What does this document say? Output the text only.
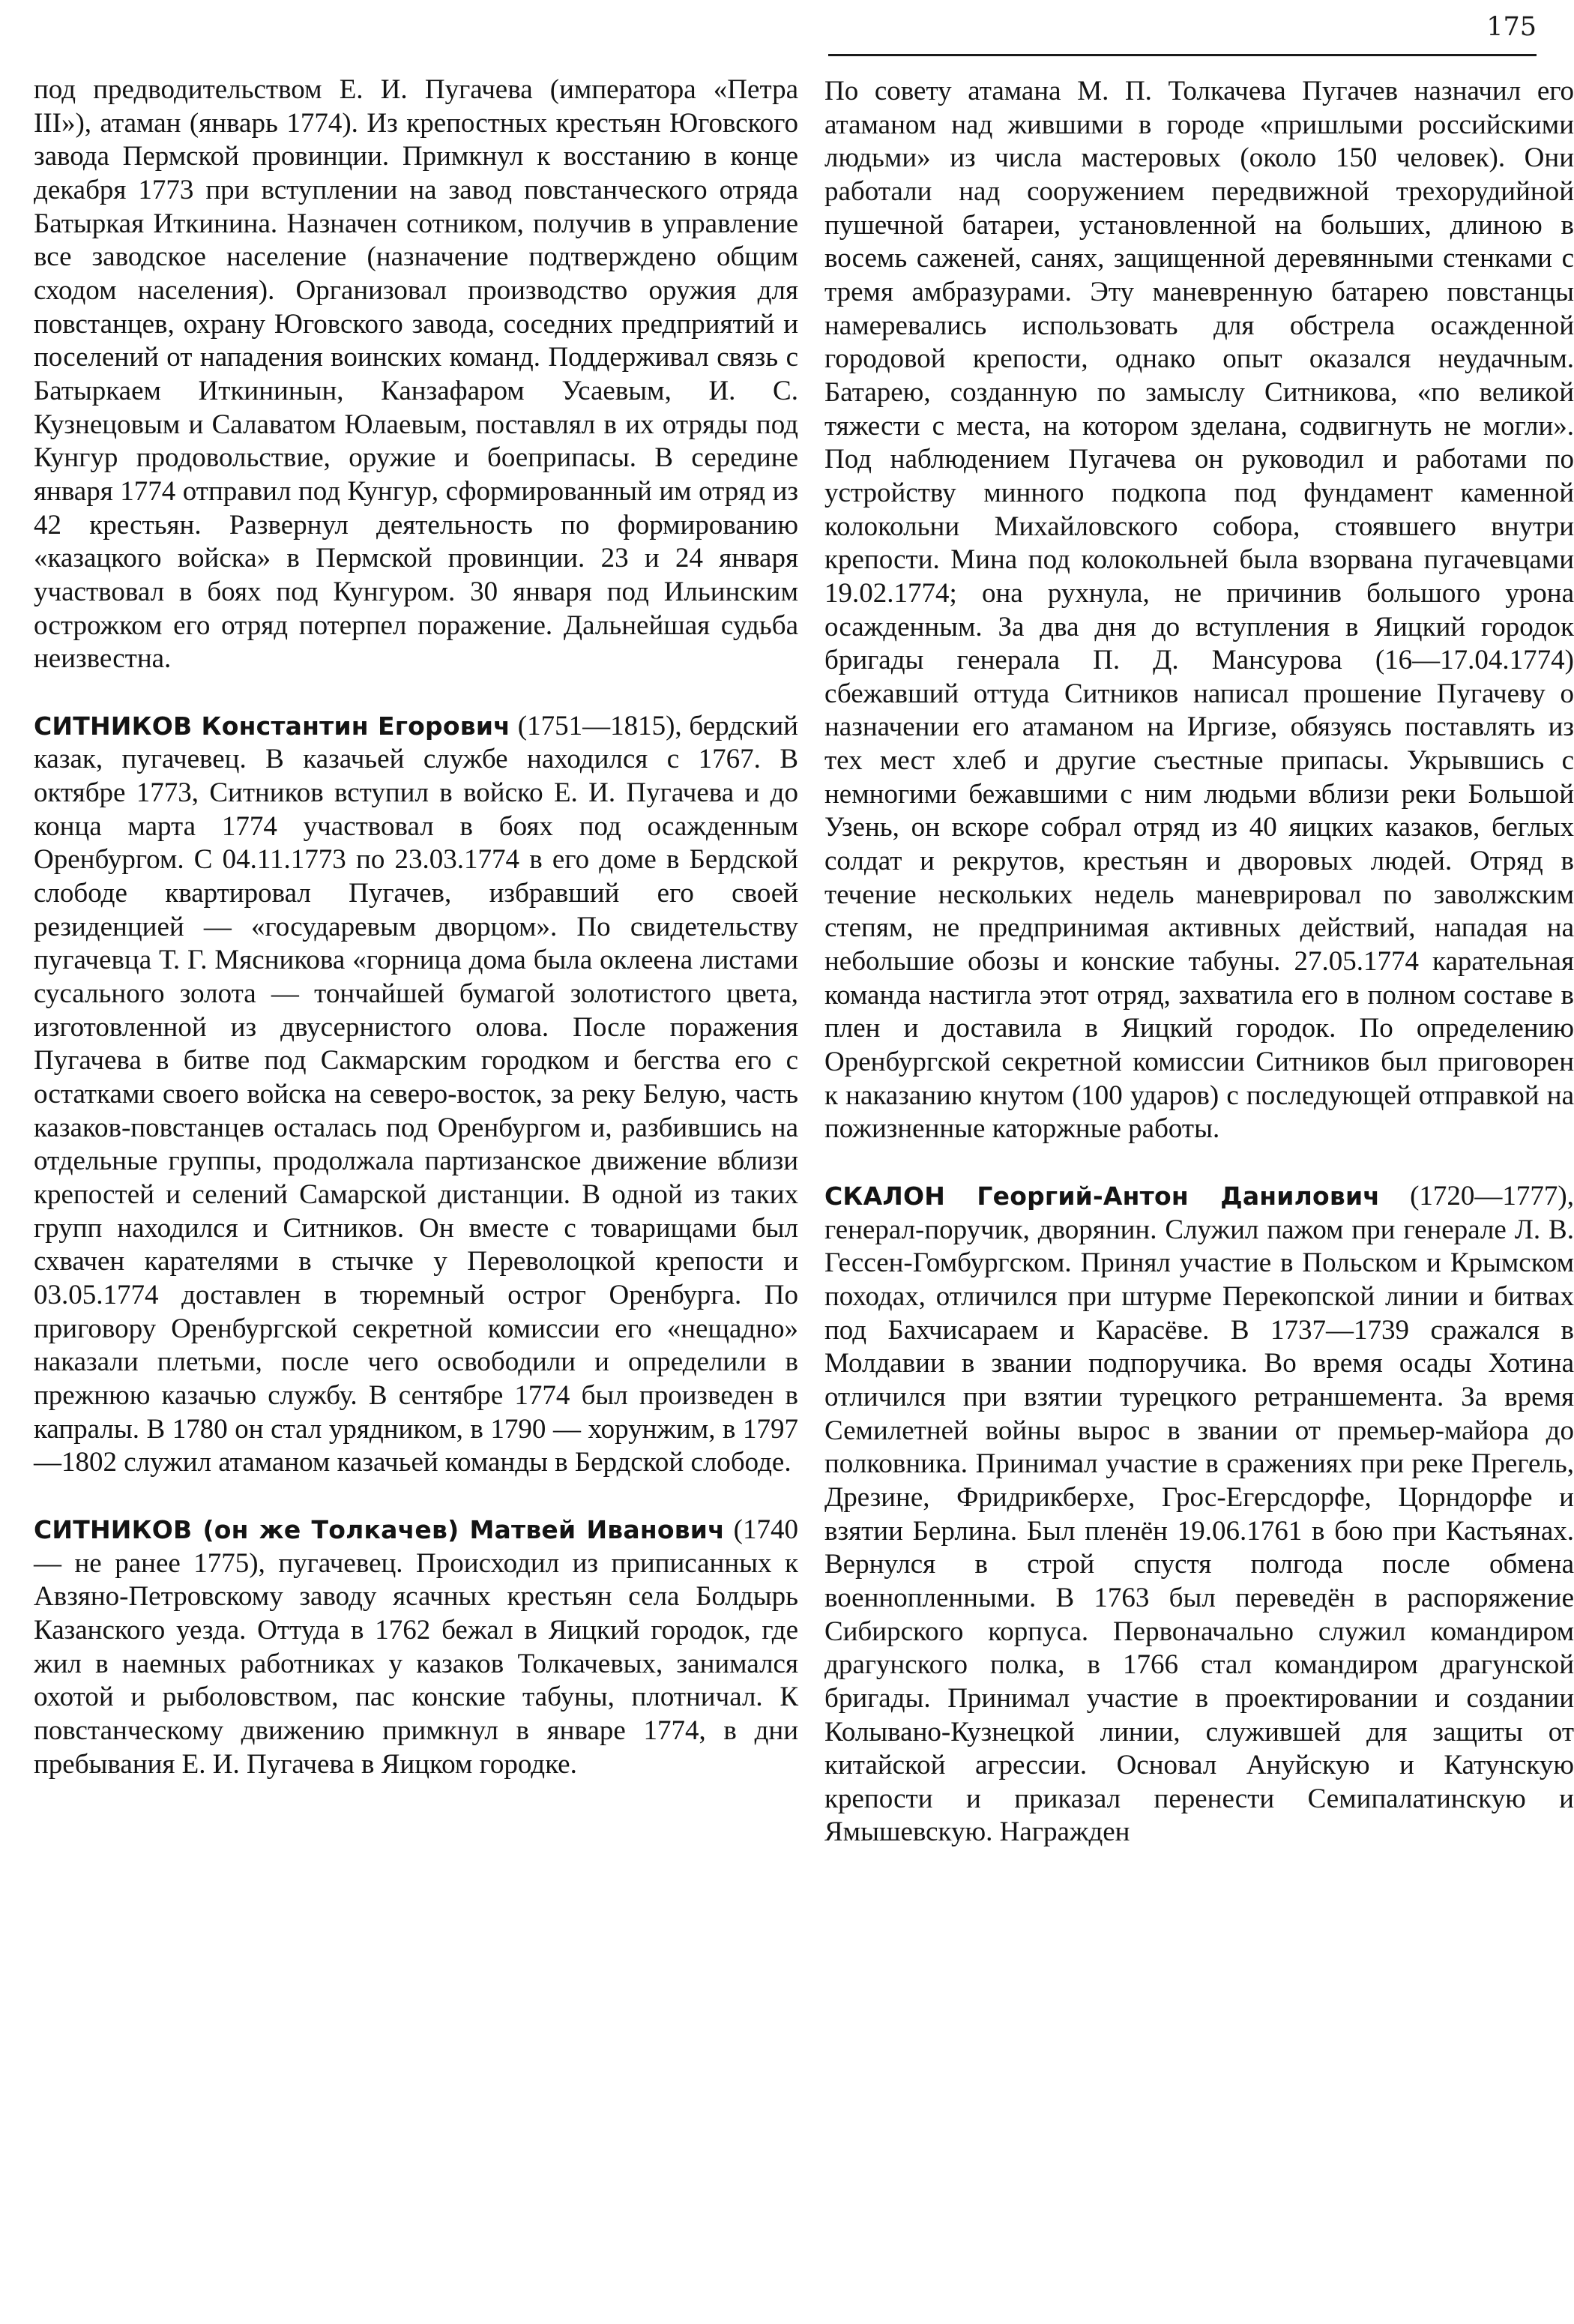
175

под предводительством Е. И. Пугачева (императора «Петра III»), атаман (январь 1774). Из крепостных крестьян Юговского завода Пермской провинции. Примкнул к восстанию в конце декабря 1773 при вступлении на завод повстанческого отряда Батыркая Иткинина. Назначен сотником, получив в управление все заводское население (назначение подтверждено общим сходом населения). Организовал производство оружия для повстанцев, охрану Юговского завода, соседних предприятий и поселений от нападения воинских команд. Поддерживал связь с Батыркаем Иткининын, Канзафаром Усаевым, И. С. Кузнецовым и Салаватом Юлаевым, поставлял в их отряды под Кунгур продовольствие, оружие и боеприпасы. В середине января 1774 отправил под Кунгур, сформированный им отряд из 42 крестьян. Развернул деятельность по формированию «казацкого войска» в Пермской провинции. 23 и 24 января участвовал в боях под Кунгуром. 30 января под Ильинским острожком его отряд потерпел поражение. Дальнейшая судьба неизвестна.

СИТНИКОВ Константин Егорович (1751—1815), бердский казак, пугачевец. В казачьей службе находился с 1767. В октябре 1773, Ситников вступил в войско Е. И. Пугачева и до конца марта 1774 участвовал в боях под осажденным Оренбургом. С 04.11.1773 по 23.03.1774 в его доме в Бердской слободе квартировал Пугачев, избравший его своей резиденцией — «государевым дворцом». По свидетельству пугачевца Т. Г. Мясникова «горница дома была оклеена листами сусального золота — тончайшей бумагой золотистого цвета, изготовленной из двусернистого олова. После поражения Пугачева в битве под Сакмарским городком и бегства его с остатками своего войска на северо-восток, за реку Белую, часть казаков-повстанцев осталась под Оренбургом и, разбившись на отдельные группы, продолжала партизанское движение вблизи крепостей и селений Самарской дистанции. В одной из таких групп находился и Ситников. Он вместе с товарищами был схвачен карателями в стычке у Переволоцкой крепости и 03.05.1774 доставлен в тюремный острог Оренбурга. По приговору Оренбургской секретной комиссии его «нещадно» наказали плетьми, после чего освободили и определили в прежнюю казачью службу. В сентябре 1774 был произведен в капралы. В 1780 он стал урядником, в 1790 — хорунжим, в 1797—1802 служил атаманом казачьей команды в Бердской слободе.

СИТНИКОВ (он же Толкачев) Матвей Иванович (1740 — не ранее 1775), пугачевец. Происходил из приписанных к Авзяно-Петровскому заводу ясачных крестьян села Болдырь Казанского уезда. Оттуда в 1762 бежал в Яицкий городок, где жил в наемных работниках у казаков Толкачевых, занимался охотой и рыболовством, пас конские табуны, плотничал. К повстанческому движению примкнул в январе 1774, в дни пребывания Е. И. Пугачева в Яицком городке.

По совету атамана М. П. Толкачева Пугачев назначил его атаманом над жившими в городе «пришлыми российскими людьми» из числа мастеровых (около 150 человек). Они работали над сооружением передвижной трехорудийной пушечной батареи, установленной на больших, длиною в восемь саженей, санях, защищенной деревянными стенками с тремя амбразурами. Эту маневренную батарею повстанцы намеревались использовать для обстрела осажденной городовой крепости, однако опыт оказался неудачным. Батарею, созданную по замыслу Ситникова, «по великой тяжести с места, на котором зделана, содвигнуть не могли». Под наблюдением Пугачева он руководил и работами по устройству минного подкопа под фундамент каменной колокольни Михайловского собора, стоявшего внутри крепости. Мина под колокольней была взорвана пугачевцами 19.02.1774; она рухнула, не причинив большого урона осажденным. За два дня до вступления в Яицкий городок бригады генерала П. Д. Мансурова (16—17.04.1774) сбежавший оттуда Ситников написал прошение Пугачеву о назначении его атаманом на Иргизе, обязуясь поставлять из тех мест хлеб и другие съестные припасы. Укрывшись с немногими бежавшими с ним людьми вблизи реки Большой Узень, он вскоре собрал отряд из 40 яицких казаков, беглых солдат и рекрутов, крестьян и дворовых людей. Отряд в течение нескольких недель маневрировал по заволжским степям, не предпринимая активных действий, нападая на небольшие обозы и конские табуны. 27.05.1774 карательная команда настигла этот отряд, захватила его в полном составе в плен и доставила в Яицкий городок. По определению Оренбургской секретной комиссии Ситников был приговорен к наказанию кнутом (100 ударов) с последующей отправкой на пожизненные каторжные работы.

СКАЛОН Георгий-Антон Данилович (1720—1777), генерал-поручик, дворянин. Служил пажом при генерале Л. В. Гессен-Гомбургском. Принял участие в Польском и Крымском походах, отличился при штурме Перекопской линии и битвах под Бахчисараем и Карасёве. В 1737—1739 сражался в Молдавии в звании подпоручика. Во время осады Хотина отличился при взятии турецкого ретраншемента. За время Семилетней войны вырос в звании от премьер-майора до полковника. Принимал участие в сражениях при реке Прегель, Дрезине, Фридрикберхе, Грос-Егерсдорфе, Цорндорфе и взятии Берлина. Был пленён 19.06.1761 в бою при Кастьянах. Вернулся в строй спустя полгода после обмена военнопленными. В 1763 был переведён в распоряжение Сибирского корпуса. Первоначально служил командиром драгунского полка, в 1766 стал командиром драгунской бригады. Принимал участие в проектировании и создании Колывано-Кузнецкой линии, служившей для защиты от китайской агрессии. Основал Ануйскую и Катунскую крепости и приказал перенести Семипалатинскую и Ямышевскую. Награжден
